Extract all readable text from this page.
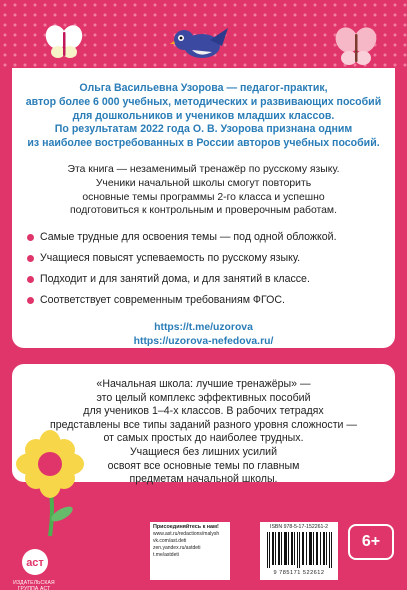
Ольга Васильевна Узорова — педагог-практик,
автор более 6 000 учебных, методических и развивающих пособий
для дошкольников и учеников младших классов.
По результатам 2022 года О. В. Узорова признана одним
из наиболее востребованных в России авторов учебных пособий.
Эта книга — незаменимый тренажёр по русскому языку.
Ученики начальной школы смогут повторить
основные темы программы 2-го класса и успешно
подготовиться к контрольным и проверочным работам.
Самые трудные для освоения темы — под одной обложкой.
Учащиеся повысят успеваемость по русскому языку.
Подходит и для занятий дома, и для занятий в классе.
Соответствует современным требованиям ФГОС.
https://t.me/uzorova
https://uzorova-nefedova.ru/
«Начальная школа: лучшие тренажёры» —
это целый комплекс эффективных пособий
для учеников 1–4-х классов. В рабочих тетрадях
представлены все типы заданий разного уровня сложности —
от самых простых до наиболее трудных.
Учащиеся без лишних усилий
освоят все основные темы по главным
предметам начальной школы.
аст
ИЗДАТЕЛЬСКАЯ ГРУППА АСТ
Присоединяйтесь к нам!
www.ast.ru/redactions/malysh
vk.com/ast.deti
zen.yandex.ru/astdeti
t.me/astdeti
ISBN 978-5-17-152261-2
9 785171 522612
6+
